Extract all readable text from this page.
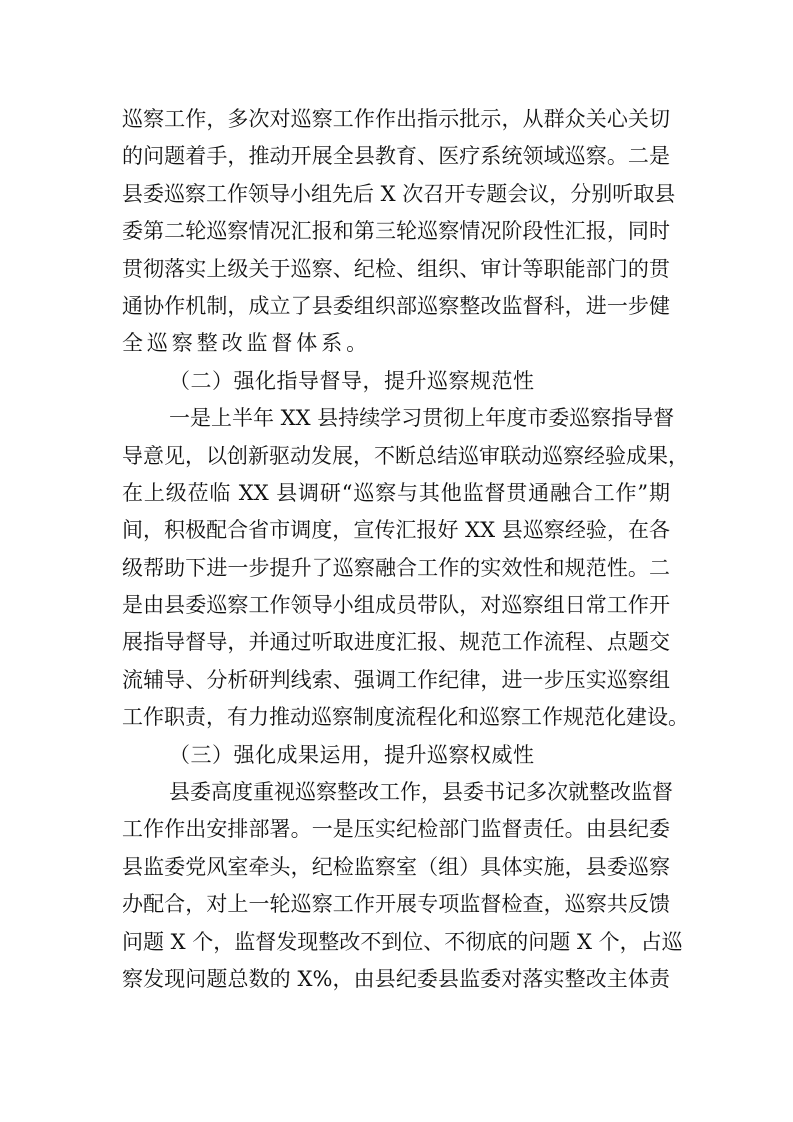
巡察工作，多次对巡察工作作出指示批示，从群众关心关切
的问题着手，推动开展全县教育、医疗系统领域巡察。二是
县委巡察工作领导小组先后 X 次召开专题会议，分别听取县
委第二轮巡察情况汇报和第三轮巡察情况阶段性汇报，同时
贯彻落实上级关于巡察、纪检、组织、审计等职能部门的贯
通协作机制，成立了县委组织部巡察整改监督科，进一步健
全巡察整改监督体系。
（二）强化指导督导，提升巡察规范性
一是上半年 XX 县持续学习贯彻上年度市委巡察指导督
导意见，以创新驱动发展，不断总结巡审联动巡察经验成果，
在上级莅临 XX 县调研“巡察与其他监督贯通融合工作”期
间，积极配合省市调度，宣传汇报好 XX 县巡察经验，在各
级帮助下进一步提升了巡察融合工作的实效性和规范性。二
是由县委巡察工作领导小组成员带队，对巡察组日常工作开
展指导督导，并通过听取进度汇报、规范工作流程、点题交
流辅导、分析研判线索、强调工作纪律，进一步压实巡察组
工作职责，有力推动巡察制度流程化和巡察工作规范化建设。
（三）强化成果运用，提升巡察权威性
县委高度重视巡察整改工作，县委书记多次就整改监督
工作作出安排部署。一是压实纪检部门监督责任。由县纪委
县监委党风室牵头，纪检监察室（组）具体实施，县委巡察
办配合，对上一轮巡察工作开展专项监督检查，巡察共反馈
问题 X 个，监督发现整改不到位、不彻底的问题 X 个，占巡
察发现问题总数的 X%，由县纪委县监委对落实整改主体责
